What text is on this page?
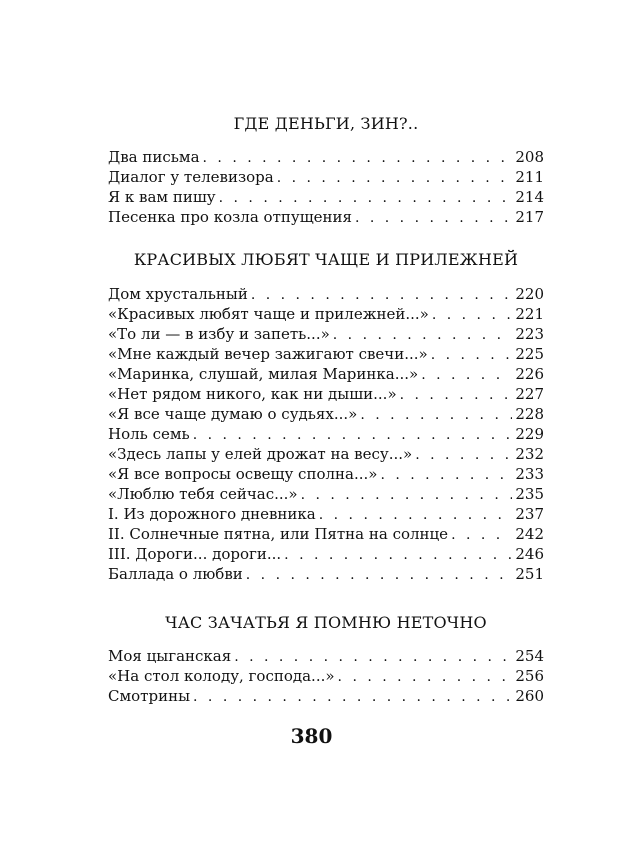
ГДЕ ДЕНЬГИ, ЗИН?..
Два письма . . .	208
Диалог у телевизора . . .	211
Я к вам пишу . . .	214
Песенка про козла отпущения . . .	217
КРАСИВЫХ ЛЮБЯТ ЧАЩЕ И ПРИЛЕЖНЕЙ
Дом хрустальный . . .	220
«Красивых любят чаще и прилежней...» . . .	221
«То ли — в избу и запеть...» . . .	223
«Мне каждый вечер зажигают свечи...» . . .	225
«Маринка, слушай, милая Маринка...» . . .	226
«Нет рядом никого, как ни дыши...» . . .	227
«Я все чаще думаю о судьях...» . . .	228
Ноль семь . . .	229
«Здесь лапы у елей дрожат на весу...» . . .	232
«Я все вопросы освещу сполна...» . . .	233
«Люблю тебя сейчас...» . . .	235
I. Из дорожного дневника . . .	237
II. Солнечные пятна, или Пятна на солнце . . .	242
III. Дороги... дороги... . . .	246
Баллада о любви . . .	251
ЧАС ЗАЧАТЬЯ Я ПОМНЮ НЕТОЧНО
Моя цыганская . . .	254
«На стол колоду, господа...» . . .	256
Смотрины . . .	260
380
